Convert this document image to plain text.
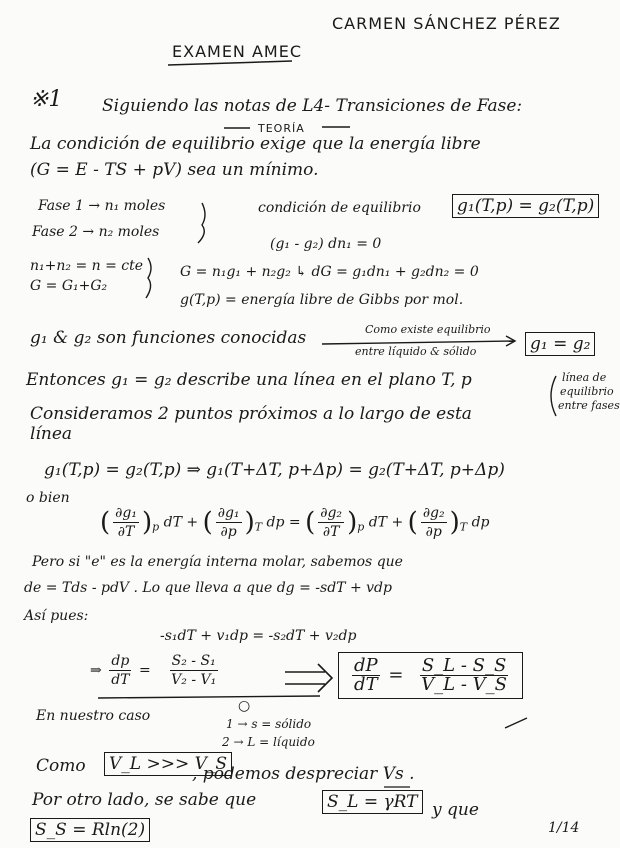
CARMEN SÁNCHEZ PÉREZ
EXAMEN AMEC
※1 Siguiendo las notas de L4- Transiciones de Fase:
TEORÍA
La condición de equilibrio exige que la energía libre
(G = E - TS + pV) sea un mínimo.
Fase 1 → n₁ moles
Fase 2 → n₂ moles
condición de equilibrio g₁(T,p) = g₂(T,p)
(g₁ - g₂) dn₁ = 0
n₁+n₂ = n = cte
G = G₁+G₂
G = n₁g₁ + n₂g₂ ↳ dG = g₁dn₁ + g₂dn₂ = 0
g(T,p) = energía libre de Gibbs por mol.
g₁ & g₂ son funciones conocidas	Como existe equilibrio
entre líquido & sólido	g₁ = g₂
Entonces g₁ = g₂ describe una línea en el plano T, p	línea de
equilibrio
entre fases
Consideramos 2 puntos próximos a lo largo de esta
línea
g₁(T,p) = g₂(T,p) ⇒ g₁(T+ΔT, p+Δp) = g₂(T+ΔT, p+Δp)
o bien
( $\frac{\text{∂g₁}}{\partial T} )_p$ dT + ( $\frac{\text{∂g₁}}{\partial p} )_T$ dp = ( $\frac{\text{∂g₂}}{\partial T} )_p$ dT + ( $\frac{\text{∂g₂}}{\partial p} )_T$ dp
Pero si "e" es la energía interna molar, sabemos que
de = Tds - pdV . Lo que lleva a que dg = -sdT + vdp
Así pues:
-s₁dT + v₁dp = -s₂dT + v₂dp
⇒ $\frac{dp}{dT} = \frac{\text{S₂ - S₁}}{\text{V₂ - V₁}}$	$\frac{dP}{dT} = \frac{S\_L - S\_S}{V\_L - V\_S}$
En nuestro caso
○
1 → s = sólido
2 → L = líquido
Como V_L >>> V_S
, podemos despreciar Vs .
Por otro lado, se sabe que	S_L = γRT y que
S_S = Rln(2)	1/14
